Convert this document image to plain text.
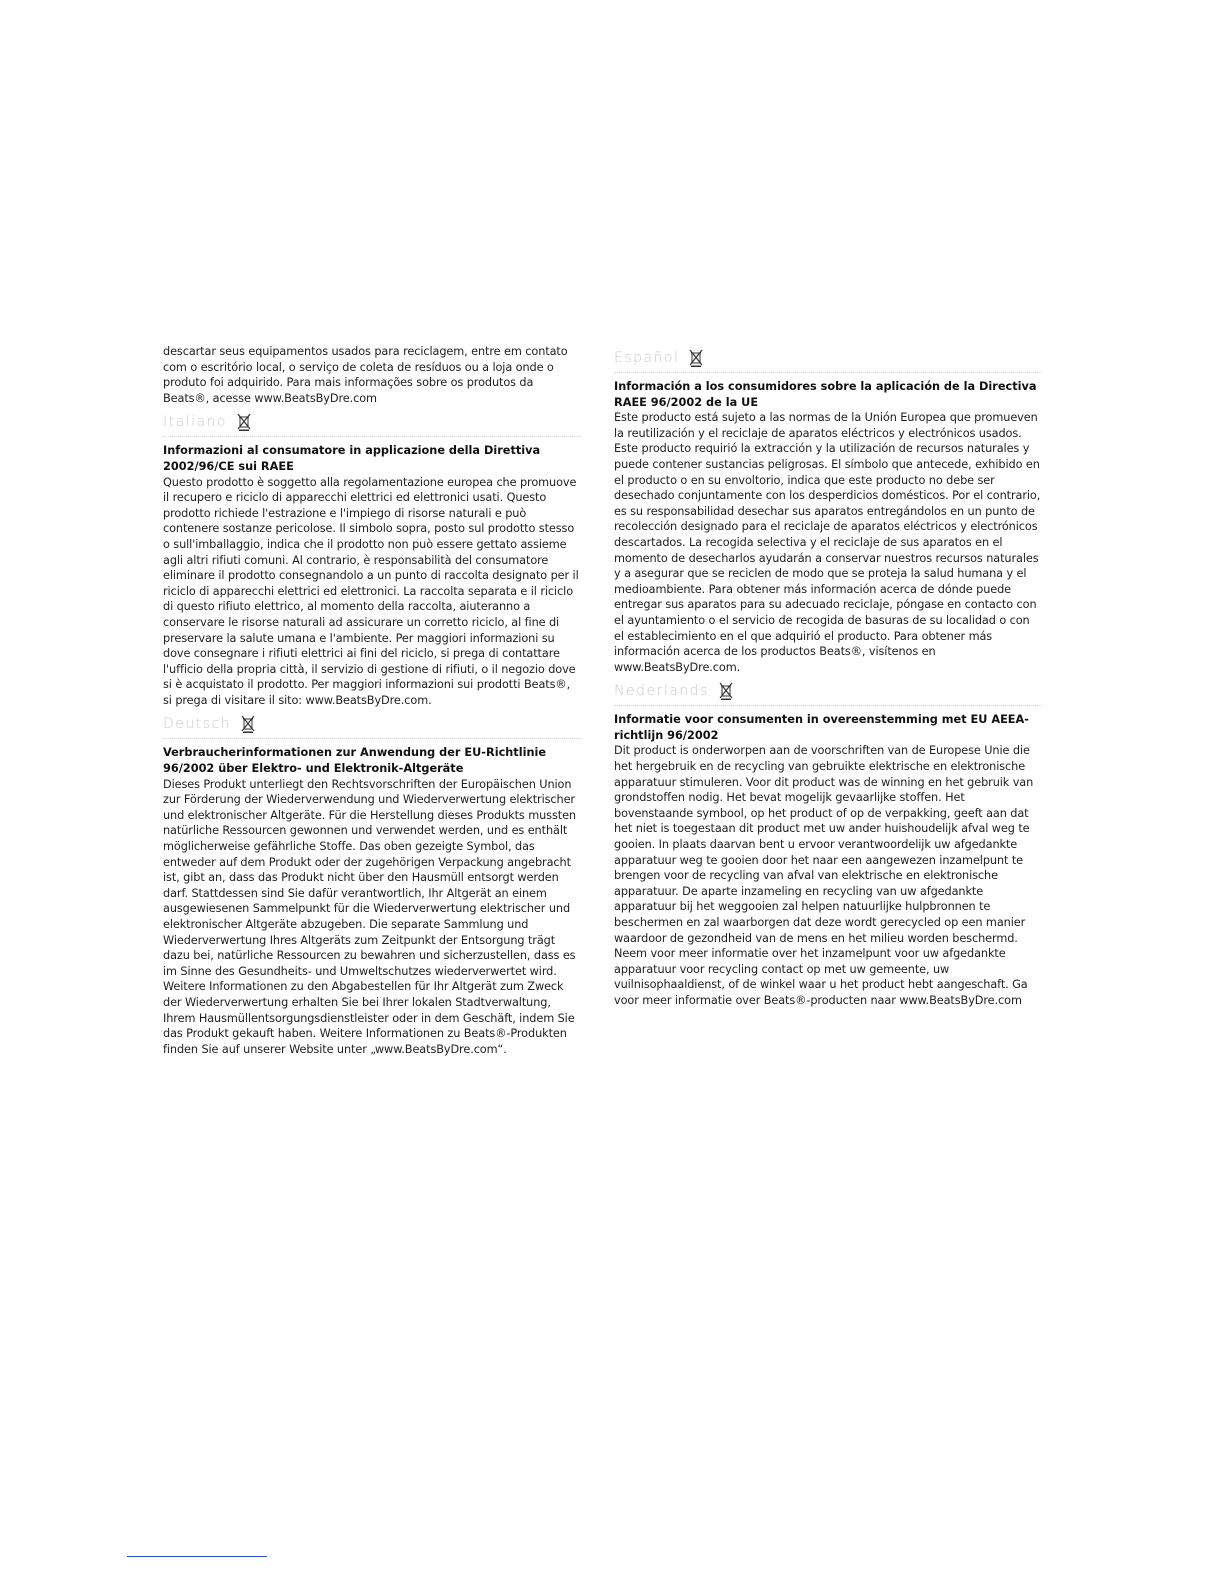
descartar seus equipamentos usados para reciclagem, entre em contato com o escritório local, o serviço de coleta de resíduos ou a loja onde o produto foi adquirido. Para mais informações sobre os produtos da Beats®, acesse www.BeatsByDre.com

Italiano

Informazioni al consumatore in applicazione della Direttiva 2002/96/CE sui RAEE

Questo prodotto è soggetto alla regolamentazione europea che promuove il recupero e riciclo di apparecchi elettrici ed elettronici usati. Questo prodotto richiede l'estrazione e l'impiego di risorse naturali e può contenere sostanze pericolose. Il simbolo sopra, posto sul prodotto stesso o sull'imballaggio, indica che il prodotto non può essere gettato assieme agli altri rifiuti comuni. Al contrario, è responsabilità del consumatore eliminare il prodotto consegnandolo a un punto di raccolta designato per il riciclo di apparecchi elettrici ed elettronici. La raccolta separata e il riciclo di questo rifiuto elettrico, al momento della raccolta, aiuteranno a conservare le risorse naturali ad assicurare un corretto riciclo, al fine di preservare la salute umana e l'ambiente. Per maggiori informazioni su dove consegnare i rifiuti elettrici ai fini del riciclo, si prega di contattare l'ufficio della propria città, il servizio di gestione di rifiuti, o il negozio dove si è acquistato il prodotto. Per maggiori informazioni sui prodotti Beats®, si prega di visitare il sito: www.BeatsByDre.com.

Deutsch

Verbraucherinformationen zur Anwendung der EU-Richtlinie 96/2002 über Elektro- und Elektronik-Altgeräte

Dieses Produkt unterliegt den Rechtsvorschriften der Europäischen Union zur Förderung der Wiederverwendung und Wiederverwertung elektrischer und elektronischer Altgeräte. Für die Herstellung dieses Produkts mussten natürliche Ressourcen gewonnen und verwendet werden, und es enthält möglicherweise gefährliche Stoffe. Das oben gezeigte Symbol, das entweder auf dem Produkt oder der zugehörigen Verpackung angebracht ist, gibt an, dass das Produkt nicht über den Hausmüll entsorgt werden darf. Stattdessen sind Sie dafür verantwortlich, Ihr Altgerät an einem ausgewiesenen Sammelpunkt für die Wiederverwertung elektrischer und elektronischer Altgeräte abzugeben. Die separate Sammlung und Wiederverwertung Ihres Altgeräts zum Zeitpunkt der Entsorgung trägt dazu bei, natürliche Ressourcen zu bewahren und sicherzustellen, dass es im Sinne des Gesundheits- und Umweltschutzes wiederverwertet wird. Weitere Informationen zu den Abgabestellen für Ihr Altgerät zum Zweck der Wiederverwertung erhalten Sie bei Ihrer lokalen Stadtverwaltung, Ihrem Hausmüllentsorgungsdienstleister oder in dem Geschäft, indem Sie das Produkt gekauft haben. Weitere Informationen zu Beats®-Produkten finden Sie auf unserer Website unter „www.BeatsByDre.com“.

Español

Información a los consumidores sobre la aplicación de la Directiva RAEE 96/2002 de la UE

Este producto está sujeto a las normas de la Unión Europea que promueven la reutilización y el reciclaje de aparatos eléctricos y electrónicos usados. Este producto requirió la extracción y la utilización de recursos naturales y puede contener sustancias peligrosas. El símbolo que antecede, exhibido en el producto o en su envoltorio, indica que este producto no debe ser desechado conjuntamente con los desperdicios domésticos. Por el contrario, es su responsabilidad desechar sus aparatos entregándolos en un punto de recolección designado para el reciclaje de aparatos eléctricos y electrónicos descartados. La recogida selectiva y el reciclaje de sus aparatos en el momento de desecharlos ayudarán a conservar nuestros recursos naturales y a asegurar que se reciclen de modo que se proteja la salud humana y el medioambiente. Para obtener más información acerca de dónde puede entregar sus aparatos para su adecuado reciclaje, póngase en contacto con el ayuntamiento o el servicio de recogida de basuras de su localidad o con el establecimiento en el que adquirió el producto. Para obtener más información acerca de los productos Beats®, visítenos en www.BeatsByDre.com.

Nederlands

Informatie voor consumenten in overeenstemming met EU AEEA-richtlijn 96/2002

Dit product is onderworpen aan de voorschriften van de Europese Unie die het hergebruik en de recycling van gebruikte elektrische en elektronische apparatuur stimuleren. Voor dit product was de winning en het gebruik van grondstoffen nodig. Het bevat mogelijk gevaarlijke stoffen. Het bovenstaande symbool, op het product of op de verpakking, geeft aan dat het niet is toegestaan dit product met uw ander huishoudelijk afval weg te gooien. In plaats daarvan bent u ervoor verantwoordelijk uw afgedankte apparatuur weg te gooien door het naar een aangewezen inzamelpunt te brengen voor de recycling van afval van elektrische en elektronische apparatuur. De aparte inzameling en recycling van uw afgedankte apparatuur bij het weggooien zal helpen natuurlijke hulpbronnen te beschermen en zal waarborgen dat deze wordt gerecycled op een manier waardoor de gezondheid van de mens en het milieu worden beschermd. Neem voor meer informatie over het inzamelpunt voor uw afgedankte apparatuur voor recycling contact op met uw gemeente, uw vuilnisophaaldienst, of de winkel waar u het product hebt aangeschaft. Ga voor meer informatie over Beats®-producten naar www.BeatsByDre.com
